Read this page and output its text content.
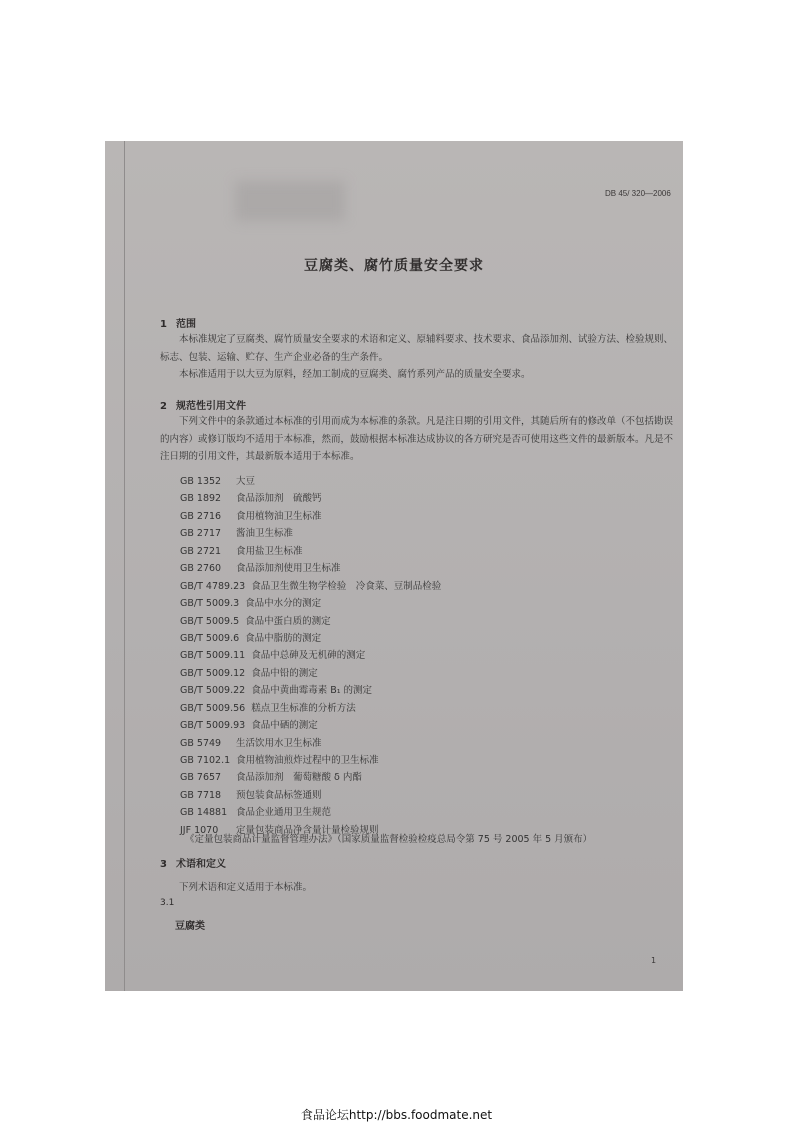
DB 45/ 320—2006
豆腐类、腐竹质量安全要求
1 范围

本标准规定了豆腐类、腐竹质量安全要求的术语和定义、原辅料要求、技术要求、食品添加剂、试验方法、检验规则、标志、包装、运输、贮存、生产企业必备的生产条件。

本标准适用于以大豆为原料，经加工制成的豆腐类、腐竹系列产品的质量安全要求。

2 规范性引用文件

下列文件中的条款通过本标准的引用而成为本标准的条款。凡是注日期的引用文件，其随后所有的修改单（不包括勘误的内容）或修订版均不适用于本标准，然而，鼓励根据本标准达成协议的各方研究是否可使用这些文件的最新版本。凡是不注日期的引用文件，其最新版本适用于本标准。

GB 1352 大豆
GB 1892 食品添加剂　硫酸钙
GB 2716 食用植物油卫生标准
GB 2717 酱油卫生标准
GB 2721 食用盐卫生标准
GB 2760 食品添加剂使用卫生标准
GB/T 4789.23 食品卫生微生物学检验　冷食菜、豆制品检验
GB/T 5009.3 食品中水分的测定
GB/T 5009.5 食品中蛋白质的测定
GB/T 5009.6 食品中脂肪的测定
GB/T 5009.11 食品中总砷及无机砷的测定
GB/T 5009.12 食品中铅的测定
GB/T 5009.22 食品中黄曲霉毒素 B₁ 的测定
GB/T 5009.56 糕点卫生标准的分析方法
GB/T 5009.93 食品中硒的测定
GB 5749 生活饮用水卫生标准
GB 7102.1 食用植物油煎炸过程中的卫生标准
GB 7657 食品添加剂　葡萄糖酸 δ 内酯
GB 7718 预包装食品标签通则
GB 14881 食品企业通用卫生规范
JJF 1070 定量包装商品净含量计量检验规则
《定量包装商品计量监督管理办法》（国家质量监督检验检疫总局令第 75 号 2005 年 5 月颁布）
3 术语和定义

下列术语和定义适用于本标准。

3.1
豆腐类
1
食品论坛http://bbs.foodmate.net
